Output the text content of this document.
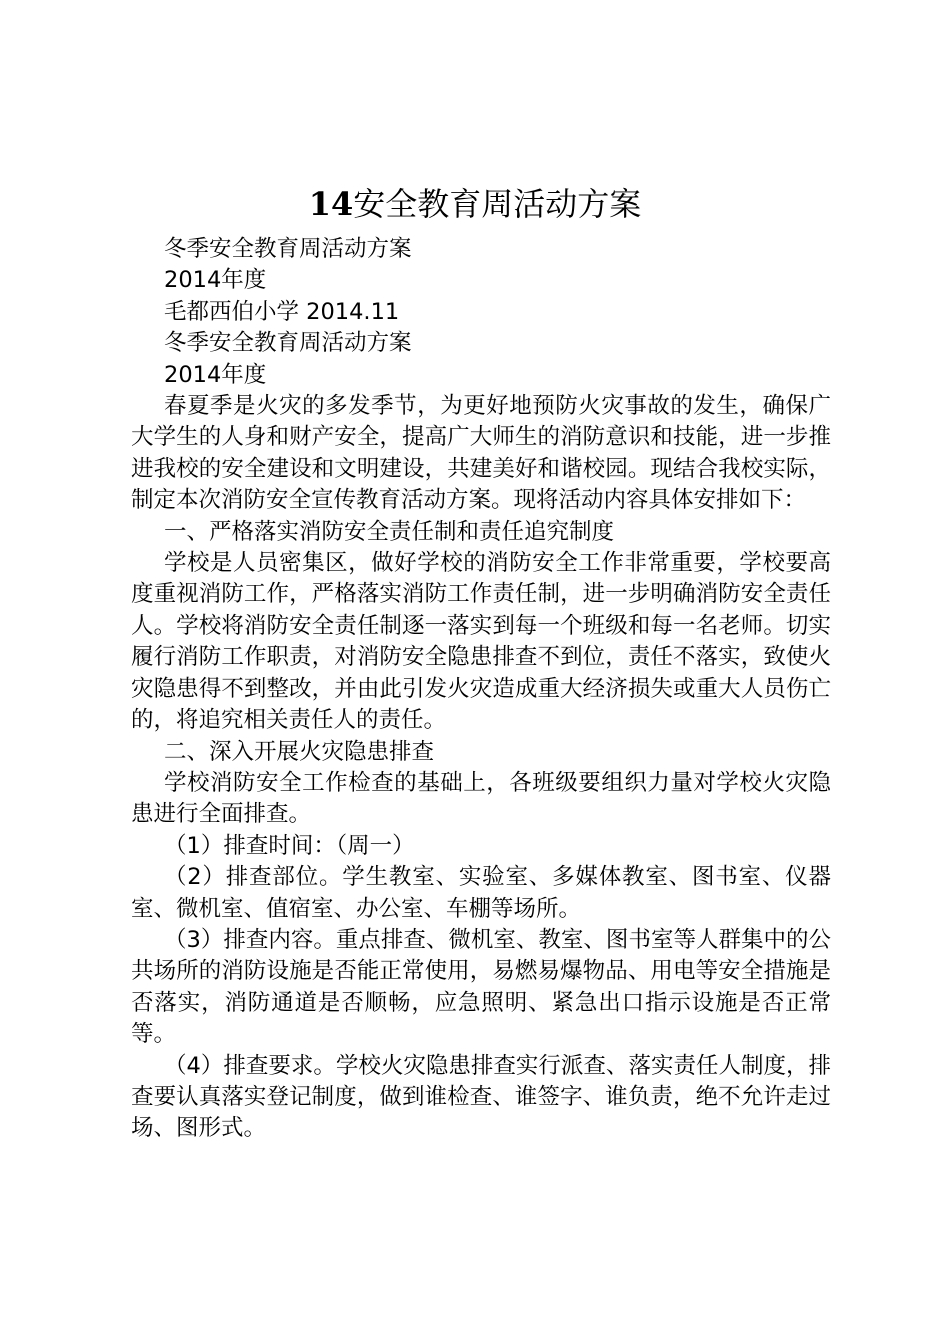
14安全教育周活动方案

冬季安全教育周活动方案

2014年度

毛都西伯小学 2014.11

冬季安全教育周活动方案

2014年度

春夏季是火灾的多发季节，为更好地预防火灾事故的发生，确保广大学生的人身和财产安全，提高广大师生的消防意识和技能，进一步推进我校的安全建设和文明建设，共建美好和谐校园。现结合我校实际，制定本次消防安全宣传教育活动方案。现将活动内容具体安排如下：

一、严格落实消防安全责任制和责任追究制度

学校是人员密集区，做好学校的消防安全工作非常重要，学校要高度重视消防工作，严格落实消防工作责任制，进一步明确消防安全责任人。学校将消防安全责任制逐一落实到每一个班级和每一名老师。切实履行消防工作职责，对消防安全隐患排查不到位，责任不落实，致使火灾隐患得不到整改，并由此引发火灾造成重大经济损失或重大人员伤亡的，将追究相关责任人的责任。

二、深入开展火灾隐患排查

学校消防安全工作检查的基础上，各班级要组织力量对学校火灾隐患进行全面排查。

（1）排查时间：（周一）

（2）排查部位。学生教室、实验室、多媒体教室、图书室、仪器室、微机室、值宿室、办公室、车棚等场所。

（3）排查内容。重点排查、微机室、教室、图书室等人群集中的公共场所的消防设施是否能正常使用，易燃易爆物品、用电等安全措施是否落实，消防通道是否顺畅，应急照明、紧急出口指示设施是否正常等。

（4）排查要求。学校火灾隐患排查实行派查、落实责任人制度，排查要认真落实登记制度，做到谁检查、谁签字、谁负责，绝不允许走过场、图形式。
